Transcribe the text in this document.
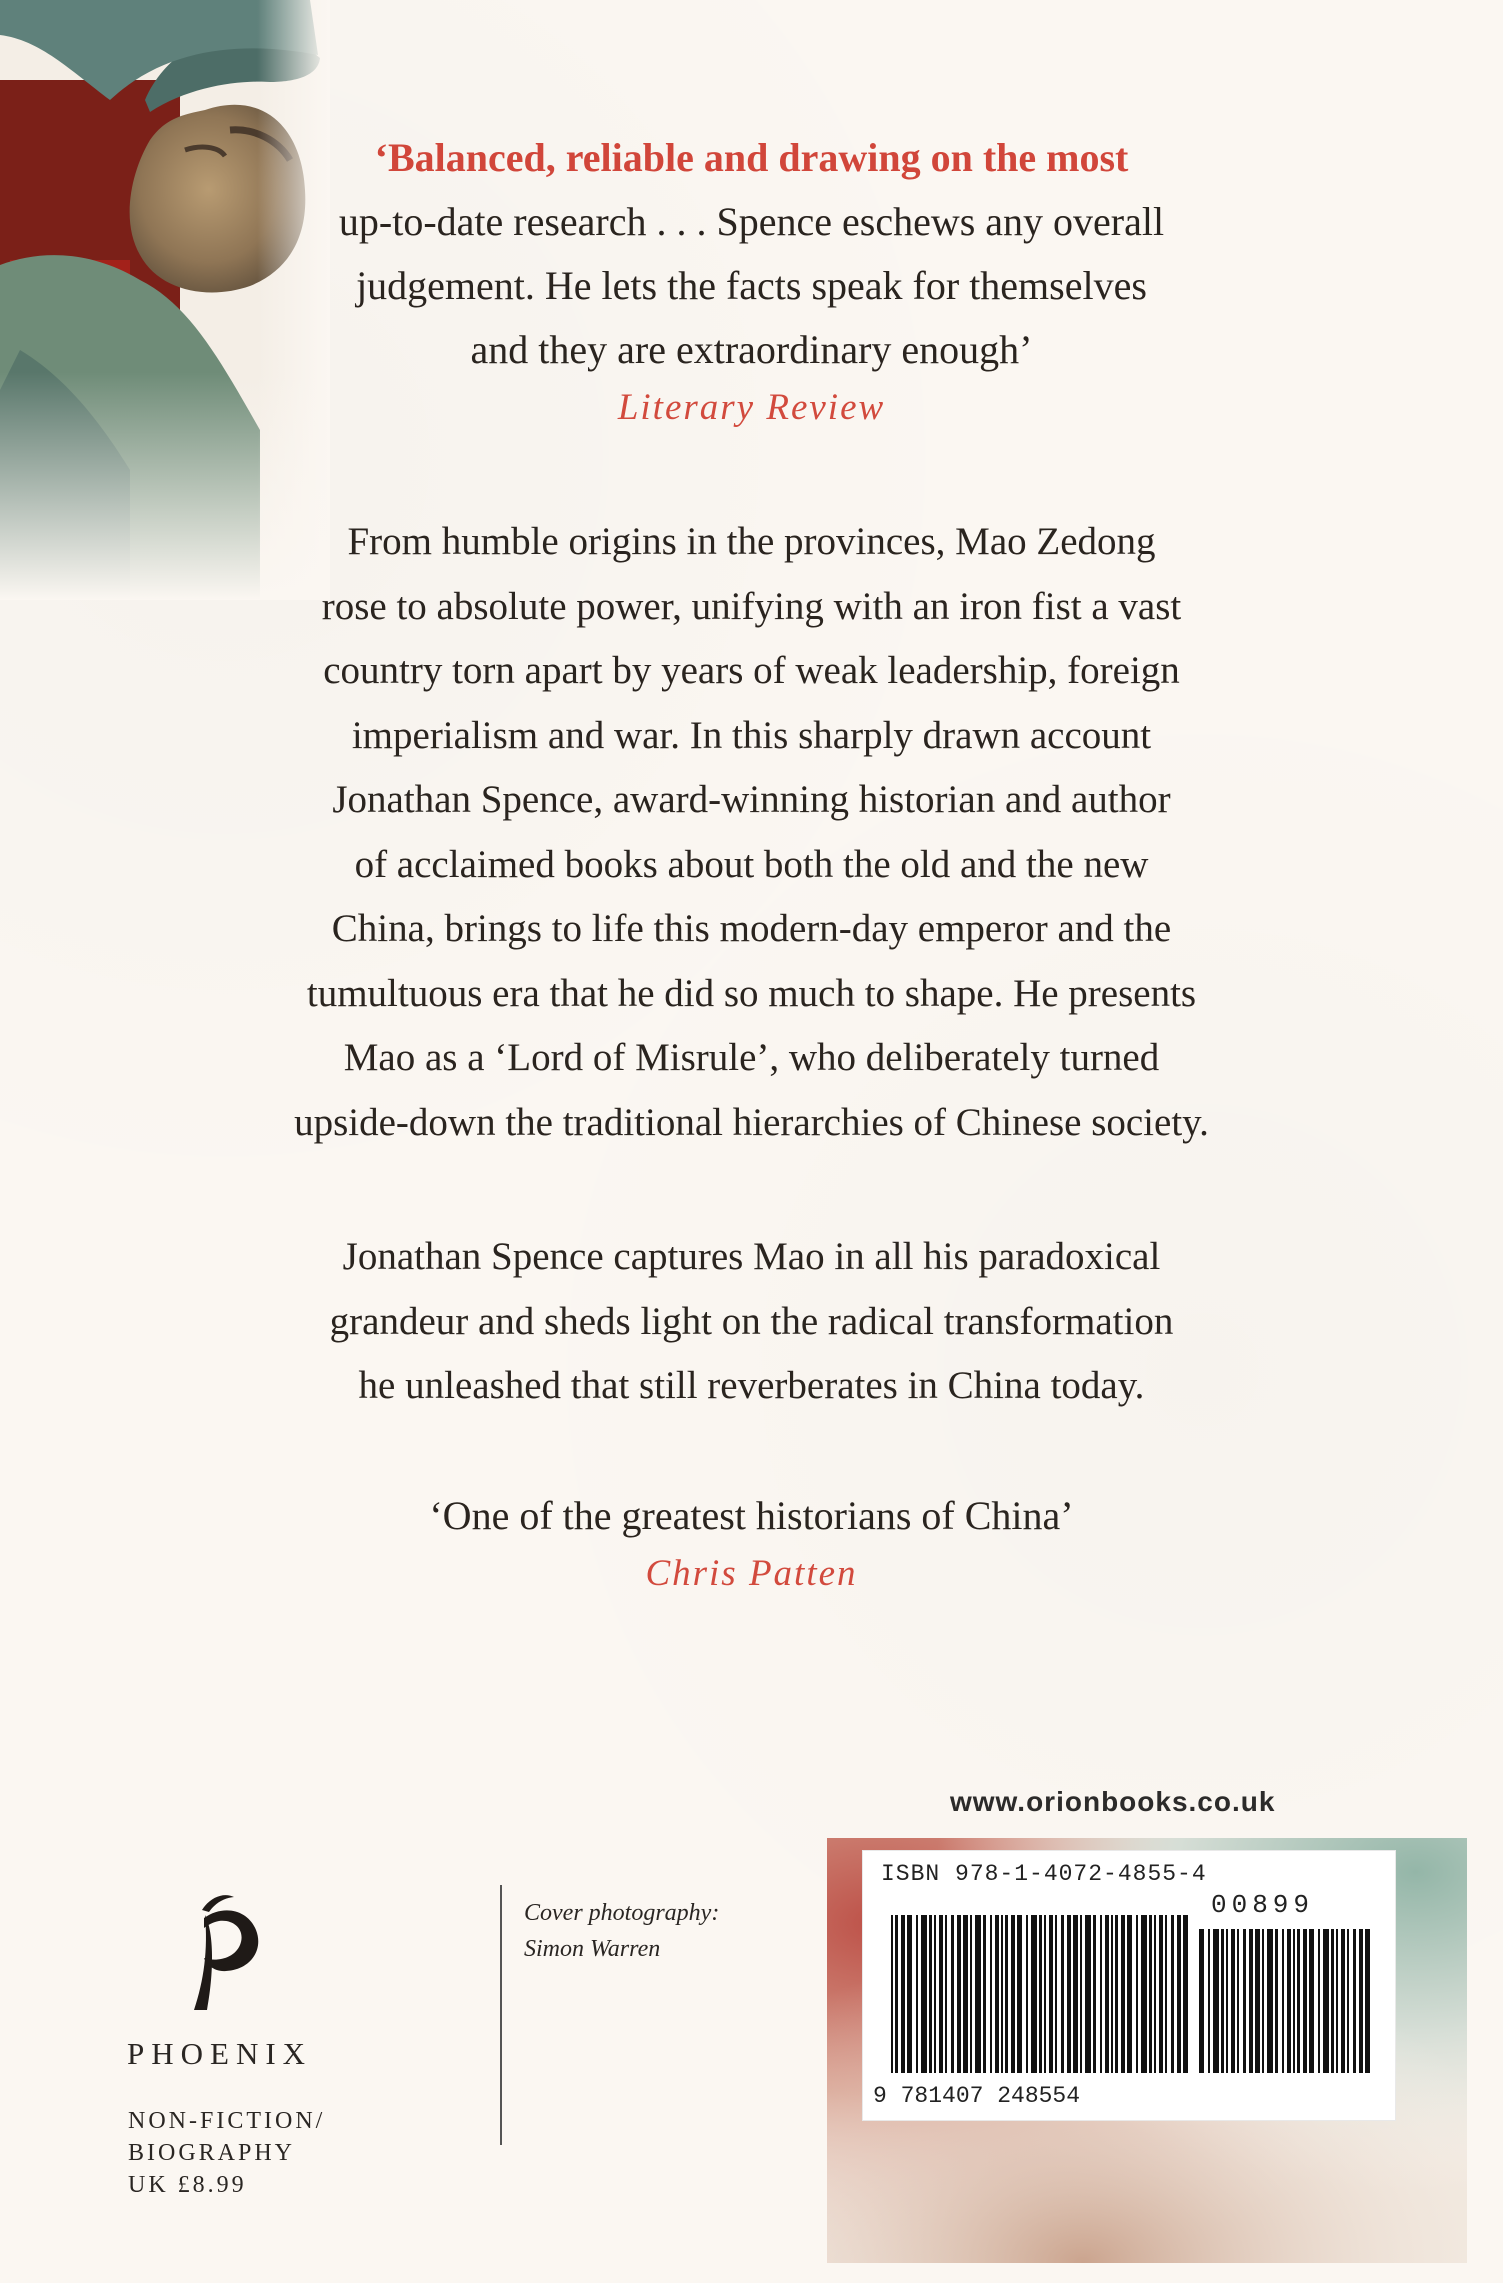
‘Balanced, reliable and drawing on the most
up-to-date research . . . Spence eschews any overall
judgement. He lets the facts speak for themselves
and they are extraordinary enough’
Literary Review
From humble origins in the provinces, Mao Zedong
rose to absolute power, unifying with an iron fist a vast
country torn apart by years of weak leadership, foreign
imperialism and war. In this sharply drawn account
Jonathan Spence, award-winning historian and author
of acclaimed books about both the old and the new
China, brings to life this modern-day emperor and the
tumultuous era that he did so much to shape. He presents
Mao as a ‘Lord of Misrule’, who deliberately turned
upside-down the traditional hierarchies of Chinese society.
Jonathan Spence captures Mao in all his paradoxical
grandeur and sheds light on the radical transformation
he unleashed that still reverberates in China today.
‘One of the greatest historians of China’
Chris Patten
www.orionbooks.co.uk
ISBN 978-1-4072-4855-4
00899
9 781407 248554
PHOENIX
NON-FICTION/
BIOGRAPHY
UK £8.99
Cover photography:
Simon Warren
